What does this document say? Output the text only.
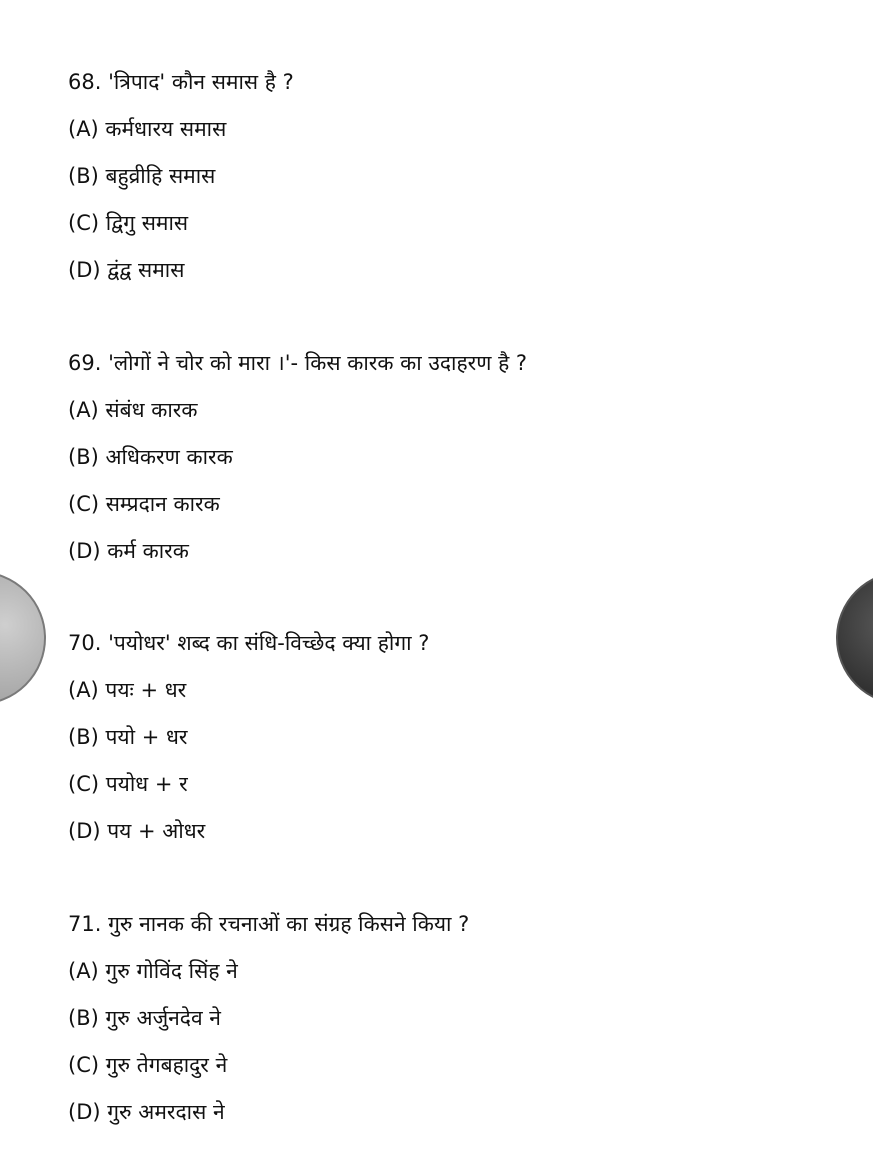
68. 'त्रिपाद' कौन समास है ?

(A) कर्मधारय समास

(B) बहुव्रीहि समास

(C) द्विगु समास

(D) द्वंद्व समास

69. 'लोगों ने चोर को मारा ।'- किस कारक का उदाहरण है ?

(A) संबंध कारक

(B) अधिकरण कारक

(C) सम्प्रदान कारक

(D) कर्म कारक

70. 'पयोधर' शब्द का संधि-विच्छेद क्या होगा ?

(A) पयः + धर

(B) पयो + धर

(C) पयोध + र

(D) पय + ओधर

71. गुरु नानक की रचनाओं का संग्रह किसने किया ?

(A) गुरु गोविंद सिंह ने

(B) गुरु अर्जुनदेव ने

(C) गुरु तेगबहादुर ने

(D) गुरु अमरदास ने
